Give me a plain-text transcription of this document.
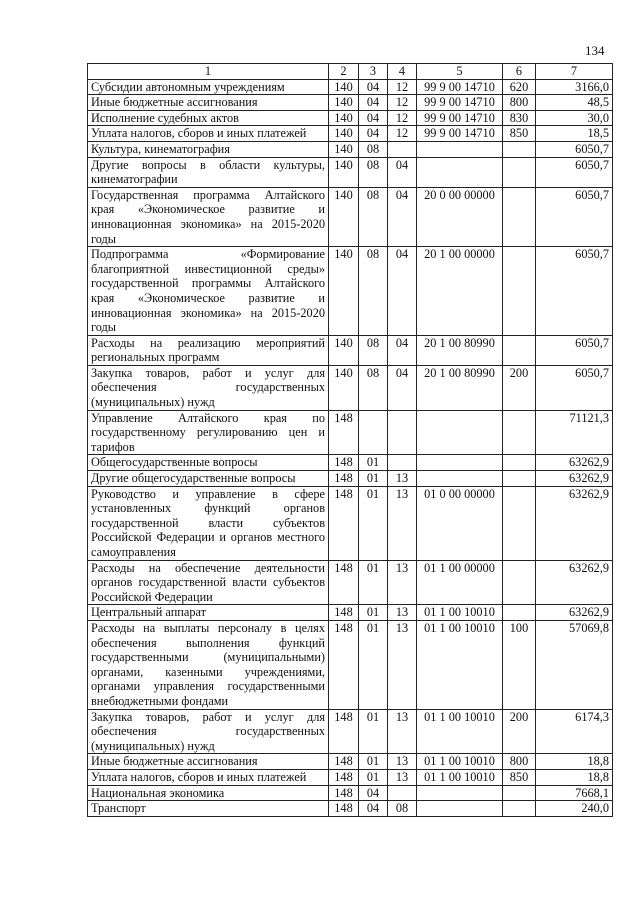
134
1	2	3	4	5	6	7
Субсидии автономным учреждениям	140	04	12	99 9 00 14710	620	3166,0
Иные бюджетные ассигнования	140	04	12	99 9 00 14710	800	48,5
Исполнение судебных актов	140	04	12	99 9 00 14710	830	30,0
Уплата налогов, сборов и иных платежей	140	04	12	99 9 00 14710	850	18,5
Культура, кинематография	140	08				6050,7
Другие вопросы в области культуры, кинематографии	140	08	04			6050,7
Государственная программа Алтайского края «Экономическое развитие и инновационная экономика» на 2015-2020 годы	140	08	04	20 0 00 00000		6050,7
Подпрограмма «Формирование благоприятной инвестиционной среды» государственной программы Алтайского края «Экономическое развитие и инновационная экономика» на 2015-2020 годы	140	08	04	20 1 00 00000		6050,7
Расходы на реализацию мероприятий региональных программ	140	08	04	20 1 00 80990		6050,7
Закупка товаров, работ и услуг для обеспечения государственных (муниципальных) нужд	140	08	04	20 1 00 80990	200	6050,7
Управление Алтайского края по государственному регулированию цен и тарифов	148					71121,3
Общегосударственные вопросы	148	01				63262,9
Другие общегосударственные вопросы	148	01	13			63262,9
Руководство и управление в сфере установленных функций органов государственной власти субъектов Российской Федерации и органов местного самоуправления	148	01	13	01 0 00 00000		63262,9
Расходы на обеспечение деятельности органов государственной власти субъектов Российской Федерации	148	01	13	01 1 00 00000		63262,9
Центральный аппарат	148	01	13	01 1 00 10010		63262,9
Расходы на выплаты персоналу в целях обеспечения выполнения функций государственными (муниципальными) органами, казенными учреждениями, органами управления государственными внебюджетными фондами	148	01	13	01 1 00 10010	100	57069,8
Закупка товаров, работ и услуг для обеспечения государственных (муниципальных) нужд	148	01	13	01 1 00 10010	200	6174,3
Иные бюджетные ассигнования	148	01	13	01 1 00 10010	800	18,8
Уплата налогов, сборов и иных платежей	148	01	13	01 1 00 10010	850	18,8
Национальная экономика	148	04				7668,1
Транспорт	148	04	08			240,0
